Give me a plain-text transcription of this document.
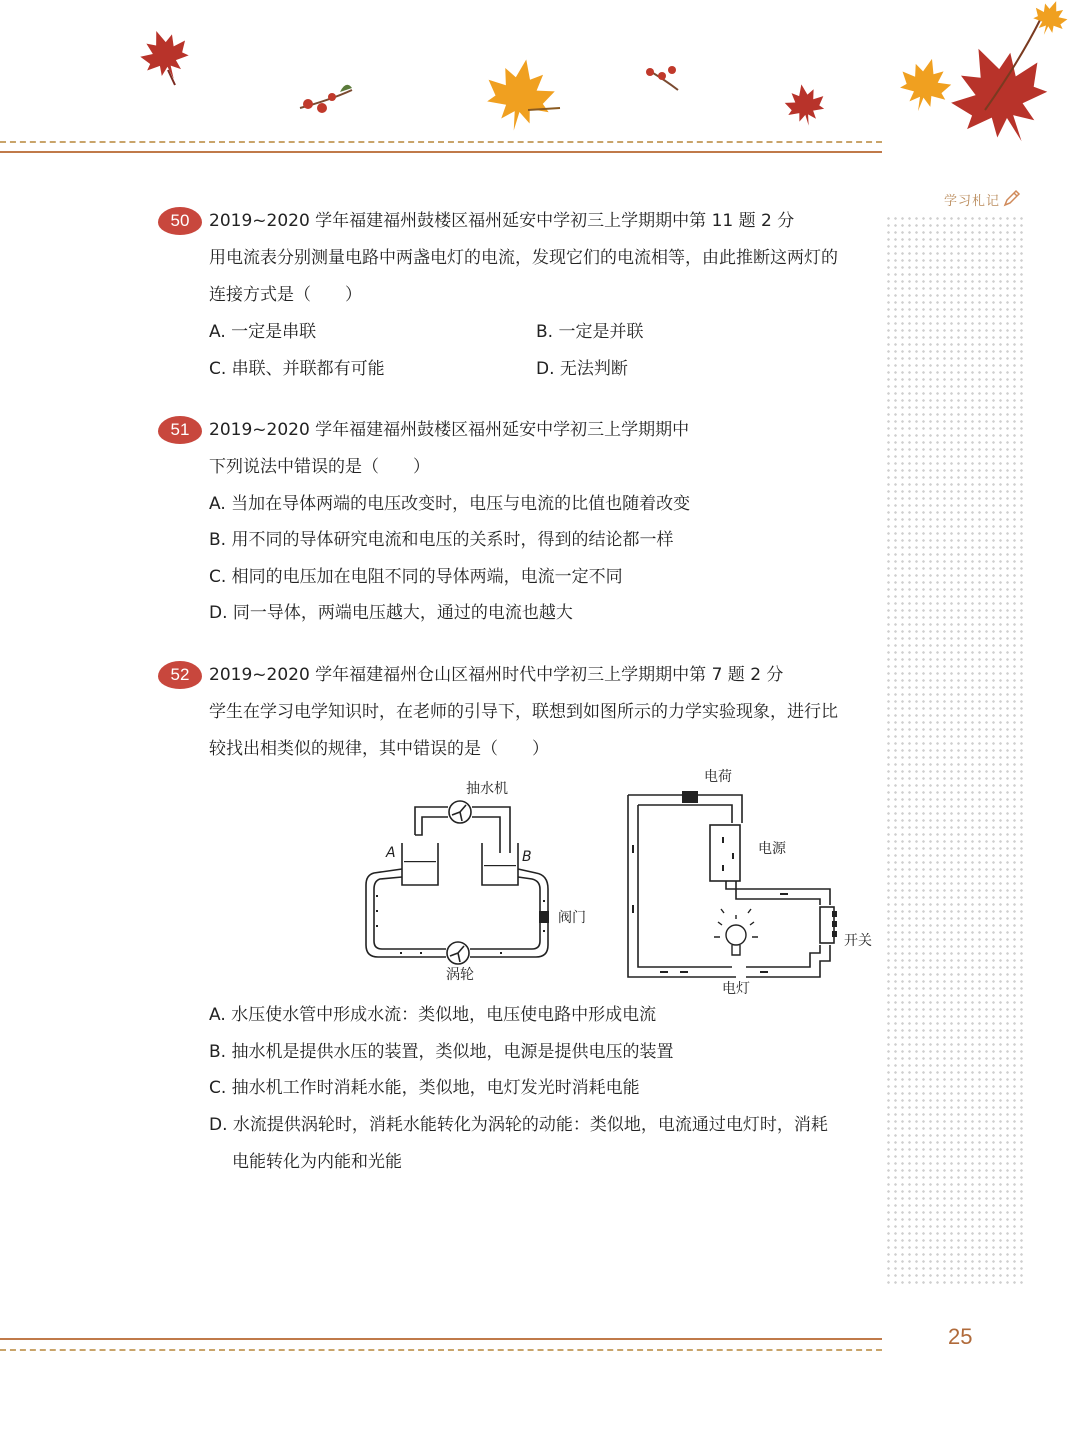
学习札记
50	2019~2020 学年福建福州鼓楼区福州延安中学初三上学期期中第 11 题 2 分
用电流表分别测量电路中两盏电灯的电流，发现它们的电流相等，由此推断这两灯的
连接方式是（　　）
A. 一定是串联	B. 一定是并联
C. 串联、并联都有可能	D. 无法判断
51	2019~2020 学年福建福州鼓楼区福州延安中学初三上学期期中
下列说法中错误的是（　　）
A. 当加在导体两端的电压改变时，电压与电流的比值也随着改变
B. 用不同的导体研究电流和电压的关系时，得到的结论都一样
C. 相同的电压加在电阻不同的导体两端，电流一定不同
D. 同一导体，两端电压越大，通过的电流也越大
52	2019~2020 学年福建福州仓山区福州时代中学初三上学期期中第 7 题 2 分
学生在学习电学知识时，在老师的引导下，联想到如图所示的力学实验现象，进行比
较找出相类似的规律，其中错误的是（　　）
A. 水压使水管中形成水流：类似地，电压使电路中形成电流
B. 抽水机是提供水压的装置，类似地，电源是提供电压的装置
C. 抽水机工作时消耗水能，类似地，电灯发光时消耗电能
D. 水流提供涡轮时，消耗水能转化为涡轮的动能：类似地，电流通过电灯时，消耗
电能转化为内能和光能
抽水机
A	B
阀门
涡轮
电荷
电源
开关
电灯
25
